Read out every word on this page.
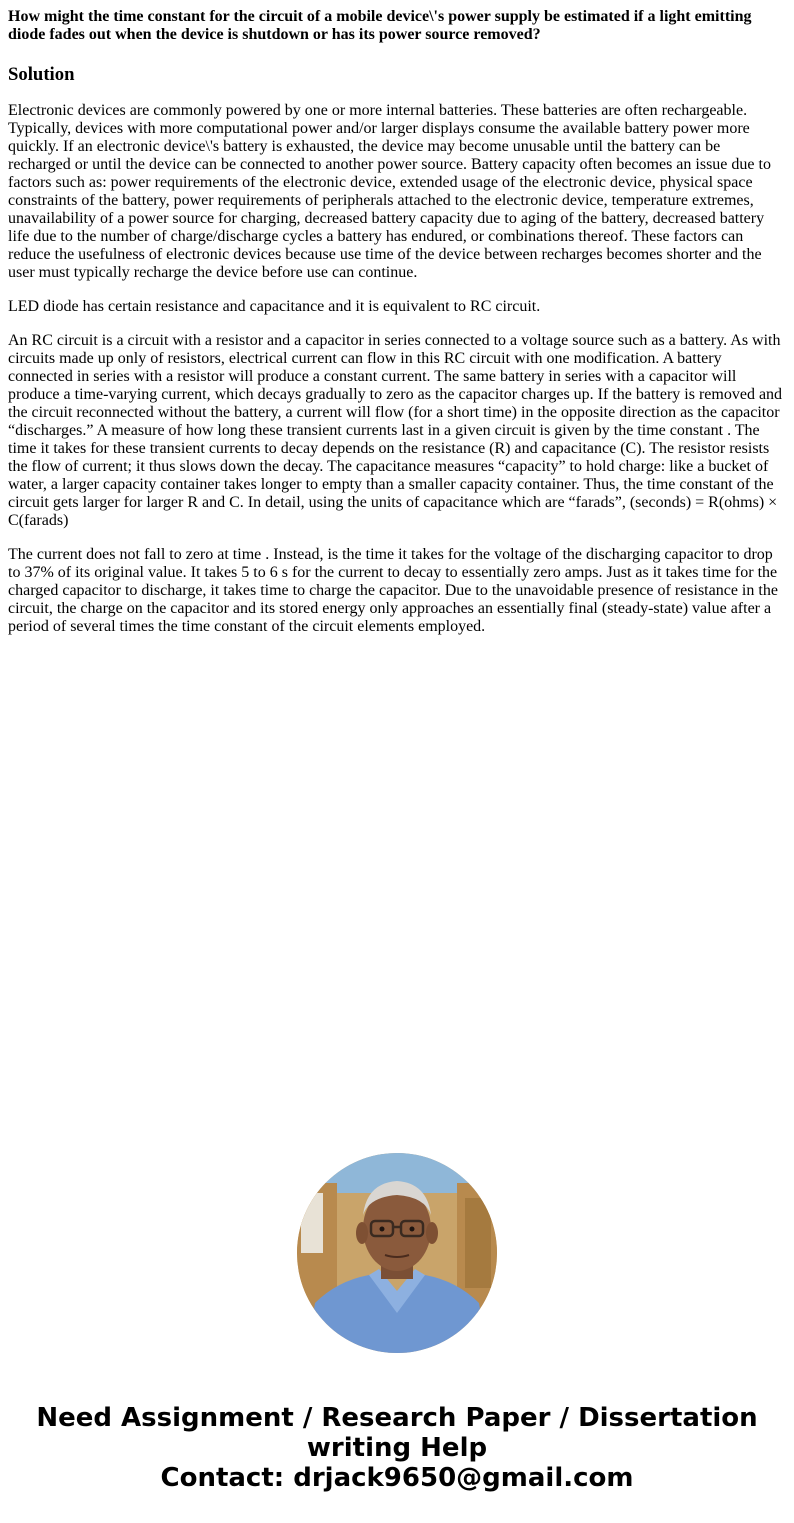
How might the time constant for the circuit of a mobile device\'s power supply be estimated if a light emitting diode fades out when the device is shutdown or has its power source removed?
Solution

Electronic devices are commonly powered by one or more internal batteries. These batteries are often rechargeable. Typically, devices with more computational power and/or larger displays consume the available battery power more quickly. If an electronic device\'s battery is exhausted, the device may become unusable until the battery can be recharged or until the device can be connected to another power source. Battery capacity often becomes an issue due to factors such as: power requirements of the electronic device, extended usage of the electronic device, physical space constraints of the battery, power requirements of peripherals attached to the electronic device, temperature extremes, unavailability of a power source for charging, decreased battery capacity due to aging of the battery, decreased battery life due to the number of charge/discharge cycles a battery has endured, or combinations thereof. These factors can reduce the usefulness of electronic devices because use time of the device between recharges becomes shorter and the user must typically recharge the device before use can continue.

LED diode has certain resistance and capacitance and it is equivalent to RC circuit.

An RC circuit is a circuit with a resistor and a capacitor in series connected to a voltage source such as a battery. As with circuits made up only of resistors, electrical current can flow in this RC circuit with one modification. A battery connected in series with a resistor will produce a constant current. The same battery in series with a capacitor will produce a time-varying current, which decays gradually to zero as the capacitor charges up. If the battery is removed and the circuit reconnected without the battery, a current will flow (for a short time) in the opposite direction as the capacitor “discharges.” A measure of how long these transient currents last in a given circuit is given by the time constant . The time it takes for these transient currents to decay depends on the resistance (R) and capacitance (C). The resistor resists the flow of current; it thus slows down the decay. The capacitance measures “capacity” to hold charge: like a bucket of water, a larger capacity container takes longer to empty than a smaller capacity container. Thus, the time constant of the circuit gets larger for larger R and C. In detail, using the units of capacitance which are “farads”, (seconds) = R(ohms) × C(farads)

The current does not fall to zero at time . Instead, is the time it takes for the voltage of the discharging capacitor to drop to 37% of its original value. It takes 5 to 6 s for the current to decay to essentially zero amps. Just as it takes time for the charged capacitor to discharge, it takes time to charge the capacitor. Due to the unavoidable presence of resistance in the circuit, the charge on the capacitor and its stored energy only approaches an essentially final (steady-state) value after a period of several times the time constant of the circuit elements employed.

Need Assignment / Research Paper / Dissertation
writing Help
Contact: drjack9650@gmail.com
